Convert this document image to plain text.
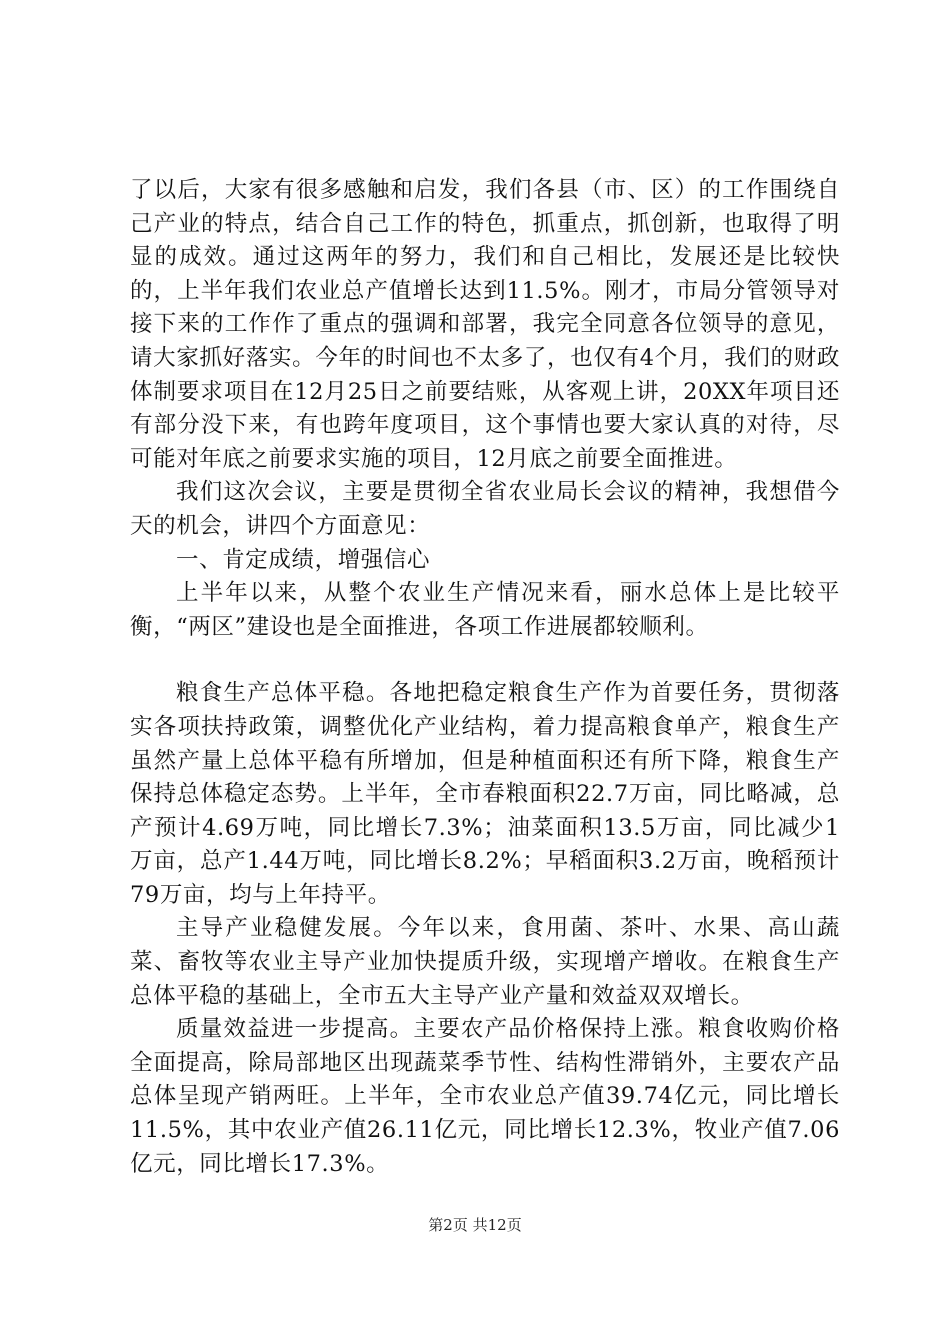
了以后，大家有很多感触和启发，我们各县（市、区）的工作围绕自己产业的特点，结合自己工作的特色，抓重点，抓创新，也取得了明显的成效。通过这两年的努力，我们和自己相比，发展还是比较快的，上半年我们农业总产值增长达到11.5%。刚才，市局分管领导对接下来的工作作了重点的强调和部署，我完全同意各位领导的意见，请大家抓好落实。今年的时间也不太多了，也仅有4个月，我们的财政体制要求项目在12月25日之前要结账，从客观上讲，20XX年项目还有部分没下来，有也跨年度项目，这个事情也要大家认真的对待，尽可能对年底之前要求实施的项目，12月底之前要全面推进。

我们这次会议，主要是贯彻全省农业局长会议的精神，我想借今天的机会，讲四个方面意见：

一、肯定成绩，增强信心

上半年以来，从整个农业生产情况来看，丽水总体上是比较平衡，“两区”建设也是全面推进，各项工作进展都较顺利。

粮食生产总体平稳。各地把稳定粮食生产作为首要任务，贯彻落实各项扶持政策，调整优化产业结构，着力提高粮食单产，粮食生产虽然产量上总体平稳有所增加，但是种植面积还有所下降，粮食生产保持总体稳定态势。上半年，全市春粮面积22.7万亩，同比略减，总产预计4.69万吨，同比增长7.3%；油菜面积13.5万亩，同比减少1万亩，总产1.44万吨，同比增长8.2%；早稻面积3.2万亩，晚稻预计79万亩，均与上年持平。

主导产业稳健发展。今年以来，食用菌、茶叶、水果、高山蔬菜、畜牧等农业主导产业加快提质升级，实现增产增收。在粮食生产总体平稳的基础上，全市五大主导产业产量和效益双双增长。

质量效益进一步提高。主要农产品价格保持上涨。粮食收购价格全面提高，除局部地区出现蔬菜季节性、结构性滞销外，主要农产品总体呈现产销两旺。上半年，全市农业总产值39.74亿元，同比增长11.5%，其中农业产值26.11亿元，同比增长12.3%，牧业产值7.06亿元，同比增长17.3%。

第2页 共12页
